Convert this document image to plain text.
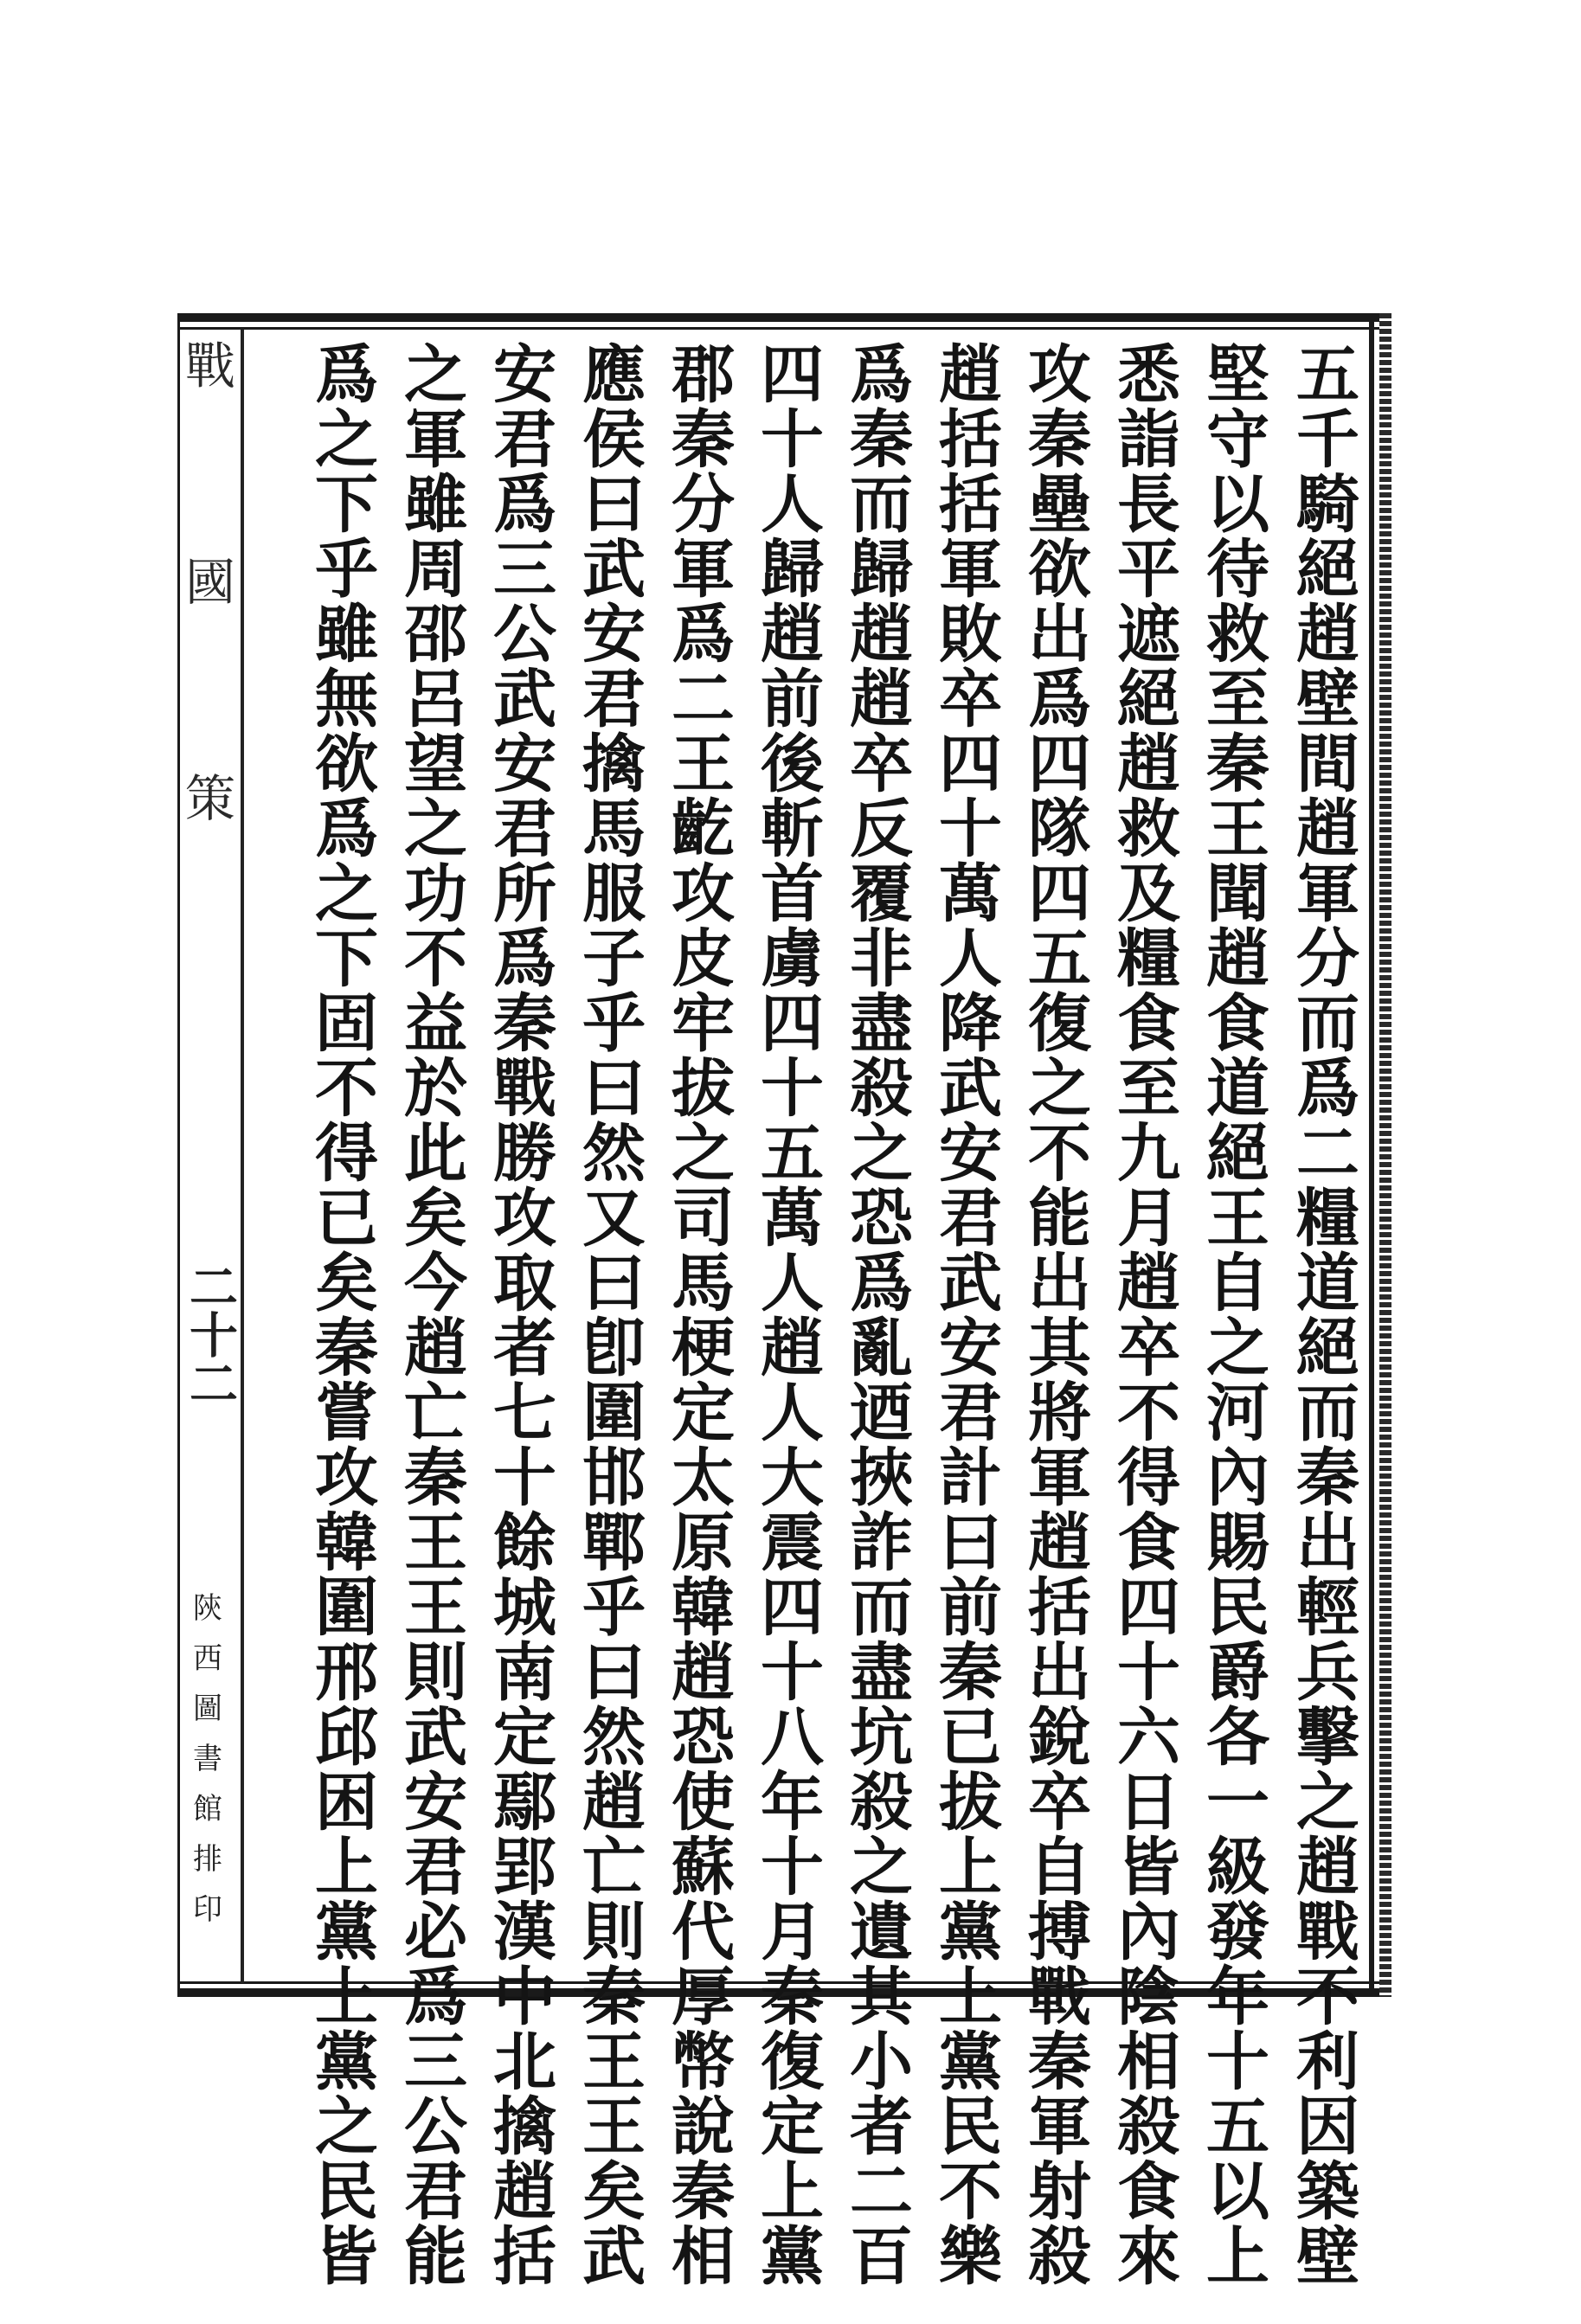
戰
國
策
二十二
陝
西
圖
書
館
排
印	五千騎絕趙壁間趙軍分而爲二糧道絕而秦出輕兵擊之趙戰不利因築壁
堅守以待救至秦王聞趙食道絕王自之河內賜民爵各一級發年十五以上
悉詣長平遮絕趙救及糧食至九月趙卒不得食四十六日皆內陰相殺食來
攻秦壘欲出爲四隊四五復之不能出其將軍趙括出銳卒自搏戰秦軍射殺
趙括括軍敗卒四十萬人降武安君武安君計曰前秦已拔上黨上黨民不樂
爲秦而歸趙趙卒反覆非盡殺之恐爲亂迺挾詐而盡坑殺之遺其小者二百
四十人歸趙前後斬首虜四十五萬人趙人大震四十八年十月秦復定上黨
郡秦分軍爲二王齕攻皮牢拔之司馬梗定太原韓趙恐使蘇代厚幣說秦相
應侯曰武安君擒馬服子乎曰然又曰卽圍邯鄲乎曰然趙亡則秦王王矣武
安君爲三公武安君所爲秦戰勝攻取者七十餘城南定鄢郢漢中北擒趙括
之軍雖周邵呂望之功不益於此矣今趙亡秦王王則武安君必爲三公君能
爲之下乎雖無欲爲之下固不得已矣秦嘗攻韓圍邢邱困上黨上黨之民皆
